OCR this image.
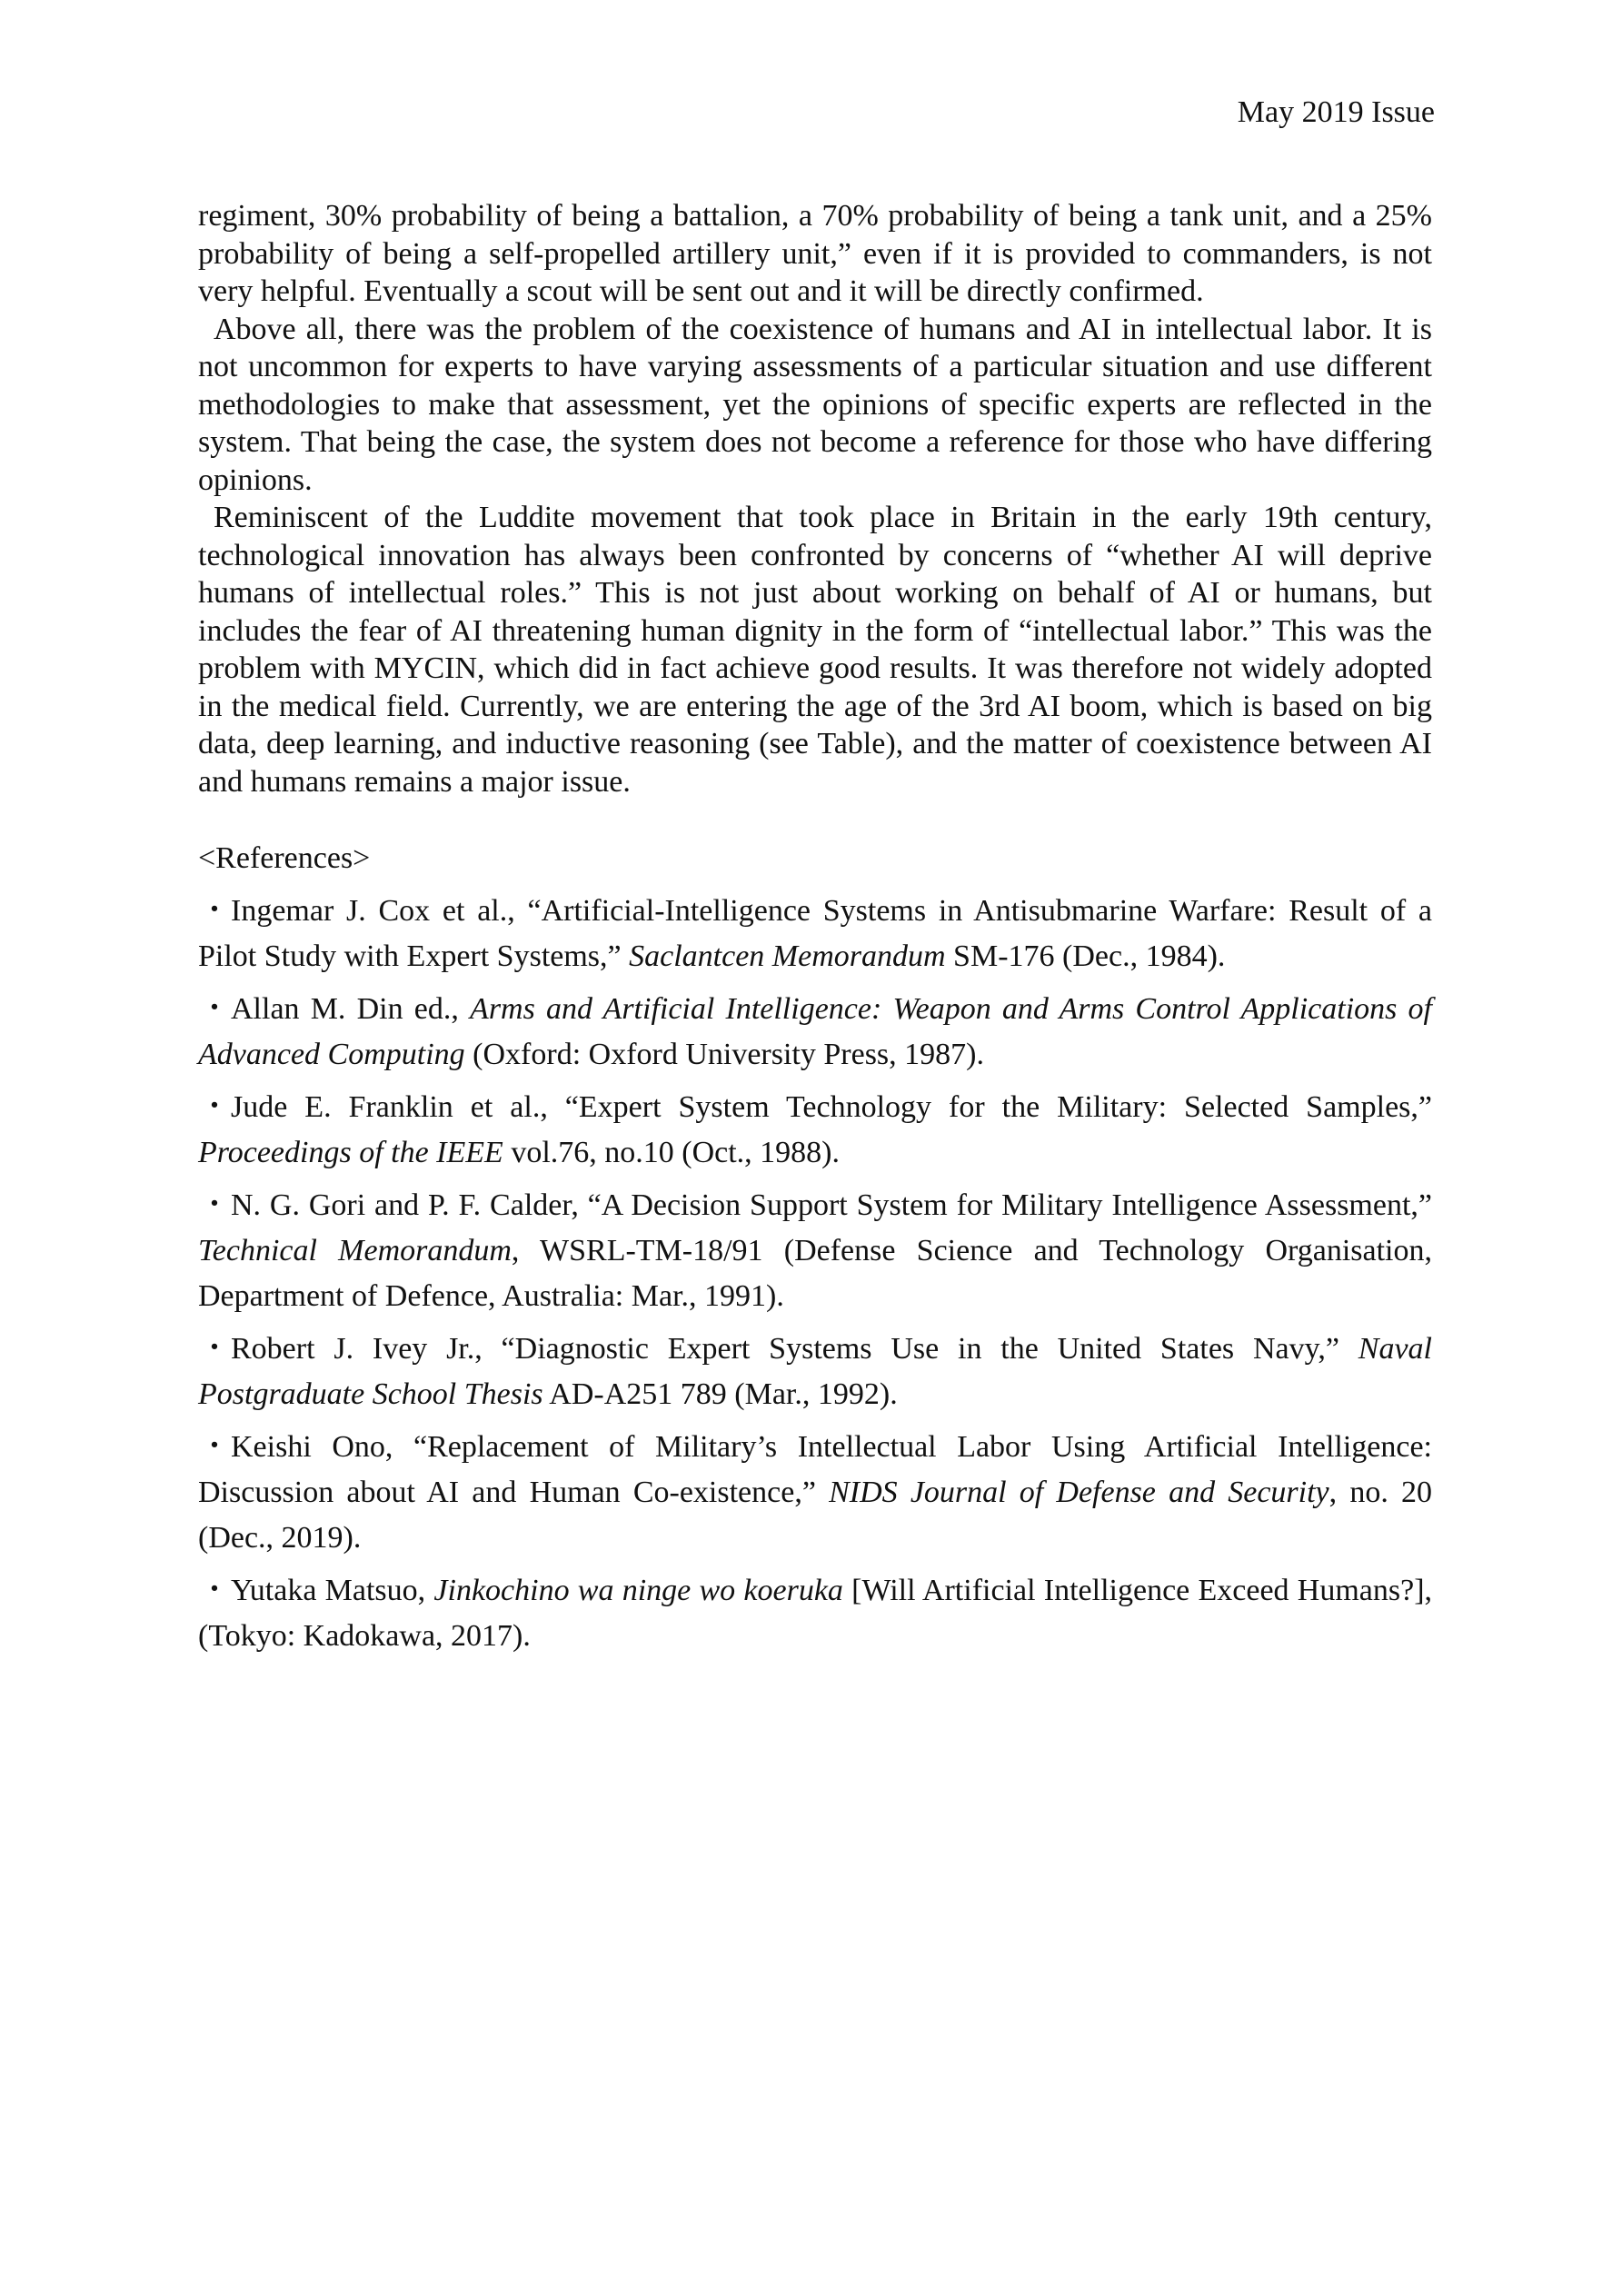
May 2019 Issue

regiment, 30% probability of being a battalion, a 70% probability of being a tank unit, and a 25% probability of being a self-propelled artillery unit,” even if it is provided to commanders, is not very helpful. Eventually a scout will be sent out and it will be directly confirmed.

Above all, there was the problem of the coexistence of humans and AI in intellectual labor. It is not uncommon for experts to have varying assessments of a particular situation and use different methodologies to make that assessment, yet the opinions of specific experts are reflected in the system. That being the case, the system does not become a reference for those who have differing opinions.

Reminiscent of the Luddite movement that took place in Britain in the early 19th century, technological innovation has always been confronted by concerns of “whether AI will deprive humans of intellectual roles.” This is not just about working on behalf of AI or humans, but includes the fear of AI threatening human dignity in the form of “intellectual labor.” This was the problem with MYCIN, which did in fact achieve good results. It was therefore not widely adopted in the medical field. Currently, we are entering the age of the 3rd AI boom, which is based on big data, deep learning, and inductive reasoning (see Table), and the matter of coexistence between AI and humans remains a major issue.

<References>

・Ingemar J. Cox et al., “Artificial-Intelligence Systems in Antisubmarine Warfare: Result of a Pilot Study with Expert Systems,” Saclantcen Memorandum SM-176 (Dec., 1984).

・Allan M. Din ed., Arms and Artificial Intelligence: Weapon and Arms Control Applications of Advanced Computing (Oxford: Oxford University Press, 1987).

・Jude E. Franklin et al., “Expert System Technology for the Military: Selected Samples,” Proceedings of the IEEE vol.76, no.10 (Oct., 1988).

・N. G. Gori and P. F. Calder, “A Decision Support System for Military Intelligence Assessment,” Technical Memorandum, WSRL-TM-18/91 (Defense Science and Technology Organisation, Department of Defence, Australia: Mar., 1991).

・Robert J. Ivey Jr., “Diagnostic Expert Systems Use in the United States Navy,” Naval Postgraduate School Thesis AD-A251 789 (Mar., 1992).

・Keishi Ono, “Replacement of Military’s Intellectual Labor Using Artificial Intelligence: Discussion about AI and Human Co-existence,” NIDS Journal of Defense and Security, no. 20 (Dec., 2019).

・Yutaka Matsuo, Jinkochino wa ninge wo koeruka [Will Artificial Intelligence Exceed Humans?], (Tokyo: Kadokawa, 2017).
